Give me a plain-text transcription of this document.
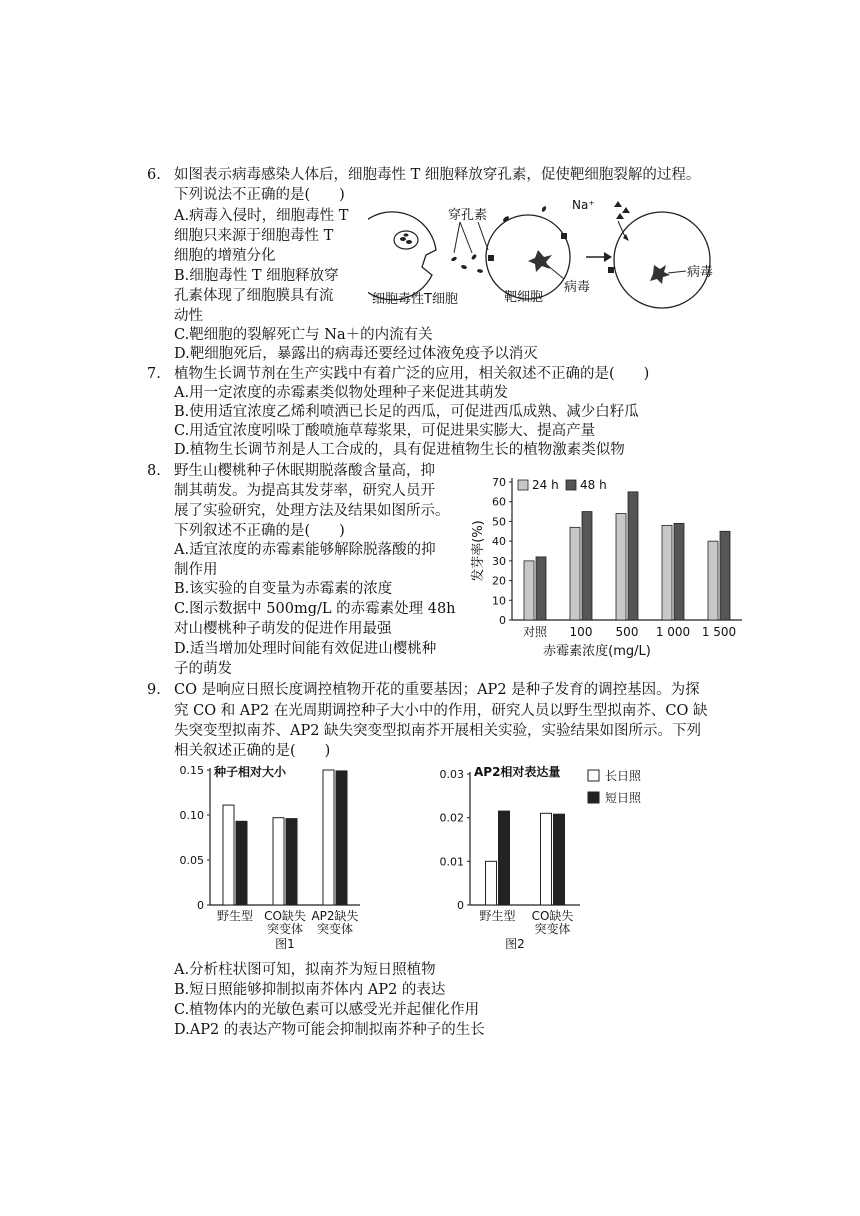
6. 如图表示病毒感染人体后，细胞毒性 T 细胞释放穿孔素，促使靶细胞裂解的过程。
下列说法不正确的是(　　)
A.病毒入侵时，细胞毒性 T
细胞只来源于细胞毒性 T
细胞的增殖分化
B.细胞毒性 T 细胞释放穿
孔素体现了细胞膜具有流
动性
C.靶细胞的裂解死亡与 Na＋的内流有关
D.靶细胞死后，暴露出的病毒还要经过体液免疫予以消灭
穿孔素
病毒
靶细胞
细胞毒性T细胞
Na⁺
病毒
7. 植物生长调节剂在生产实践中有着广泛的应用，相关叙述不正确的是(　　)
A.用一定浓度的赤霉素类似物处理种子来促进其萌发
B.使用适宜浓度乙烯利喷洒已长足的西瓜，可促进西瓜成熟、减少白籽瓜
C.用适宜浓度吲哚丁酸喷施草莓浆果，可促进果实膨大、提高产量
D.植物生长调节剂是人工合成的，具有促进植物生长的植物激素类似物
8. 野生山樱桃种子休眠期脱落酸含量高，抑
制其萌发。为提高其发芽率，研究人员开
展了实验研究，处理方法及结果如图所示。
下列叙述不正确的是(　　)
A.适宜浓度的赤霉素能够解除脱落酸的抑
制作用
B.该实验的自变量为赤霉素的浓度
C.图示数据中 500mg/L 的赤霉素处理 48h
对山樱桃种子萌发的促进作用最强
D.适当增加处理时间能有效促进山樱桃种
子的萌发
0
10
20
30
40
50
60
70
对照 100 500 1 000 1 500
赤霉素浓度(mg/L)
发芽率(%)
24 h 48 h
9. CO 是响应日照长度调控植物开花的重要基因；AP2 是种子发育的调控基因。为探
究 CO 和 AP2 在光周期调控种子大小中的作用，研究人员以野生型拟南芥、CO 缺
失突变型拟南芥、AP2 缺失突变型拟南芥开展相关实验，实验结果如图所示。下列
相关叙述正确的是(　　)
0
0.05
0.10
0.15 种子相对大小
野生型 CO缺失
突变体
AP2缺失
突变体
图1
0
0.01
0.02
0.03 AP2相对表达量
野生型 CO缺失
突变体
图2
长日照
短日照
A.分析柱状图可知，拟南芥为短日照植物
B.短日照能够抑制拟南芥体内 AP2 的表达
C.植物体内的光敏色素可以感受光并起催化作用
D.AP2 的表达产物可能会抑制拟南芥种子的生长
